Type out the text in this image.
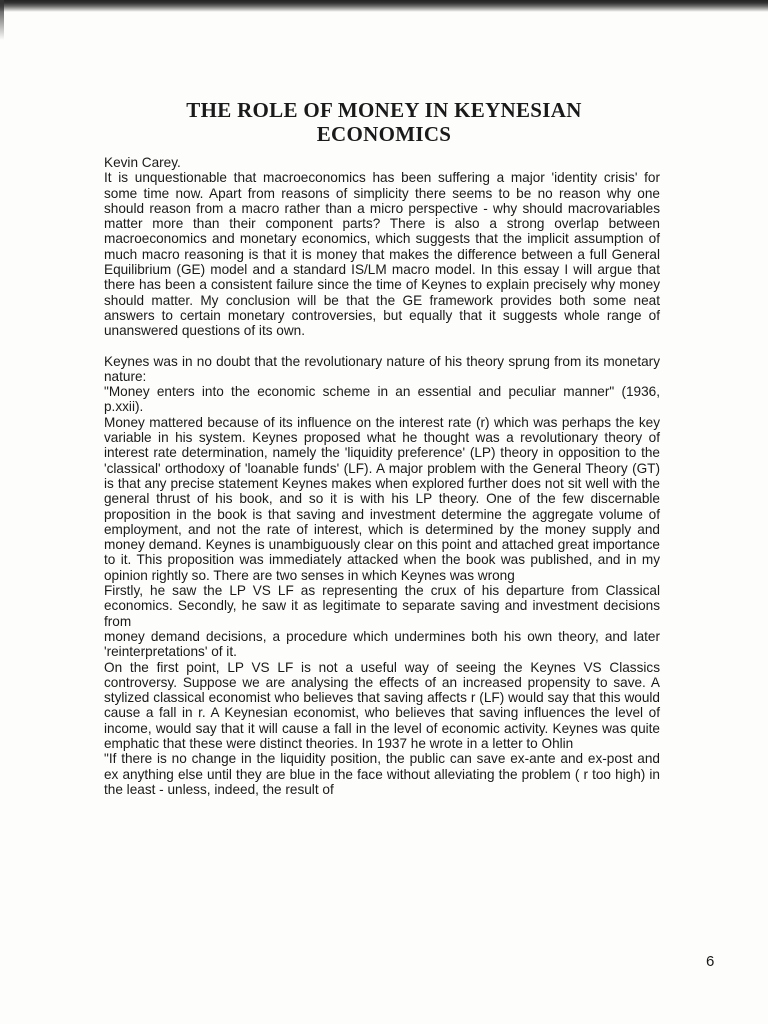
THE ROLE OF MONEY IN KEYNESIAN
ECONOMICS

Kevin Carey.

It is unquestionable that macroeconomics has been suffering a major 'identity crisis' for some time now. Apart from reasons of simplicity there seems to be no reason why one should reason from a macro rather than a micro perspective - why should macrovariables matter more than their component parts? There is also a strong overlap between macroeconomics and monetary economics, which suggests that the implicit assumption of much macro reasoning is that it is money that makes the difference between a full General Equilibrium (GE) model and a standard IS/LM macro model. In this essay I will argue that there has been a consistent failure since the time of Keynes to explain precisely why money should matter. My conclusion will be that the GE framework provides both some neat answers to certain monetary controversies, but equally that it suggests whole range of unanswered questions of its own.

Keynes was in no doubt that the revolutionary nature of his theory sprung from its monetary nature:

"Money enters into the economic scheme in an essential and peculiar manner" (1936, p.xxii).

Money mattered because of its influence on the interest rate (r) which was perhaps the key variable in his system. Keynes proposed what he thought was a revolutionary theory of interest rate determination, namely the 'liquidity preference' (LP) theory in opposition to the 'classical' orthodoxy of 'loanable funds' (LF). A major problem with the General Theory (GT) is that any precise statement Keynes makes when explored further does not sit well with the general thrust of his book, and so it is with his LP theory. One of the few discernable proposition in the book is that saving and investment determine the aggregate volume of employment, and not the rate of interest, which is determined by the money supply and money demand. Keynes is unambiguously clear on this point and attached great importance to it. This proposition was immediately attacked when the book was published, and in my opinion rightly so. There are two senses in which Keynes was wrong

Firstly, he saw the LP VS LF as representing the crux of his departure from Classical economics. Secondly, he saw it as legitimate to separate saving and investment decisions from

money demand decisions, a procedure which undermines both his own theory, and later 'reinterpretations' of it.

On the first point, LP VS LF is not a useful way of seeing the Keynes VS Classics controversy. Suppose we are analysing the effects of an increased propensity to save. A stylized classical economist who believes that saving affects r (LF) would say that this would cause a fall in r. A Keynesian economist, who believes that saving influences the level of income, would say that it will cause a fall in the level of economic activity. Keynes was quite emphatic that these were distinct theories. In 1937 he wrote in a letter to Ohlin

"If there is no change in the liquidity position, the public can save ex-ante and ex-post and ex anything else until they are blue in the face without alleviating the problem ( r too high) in the least - unless, indeed, the result of

6
